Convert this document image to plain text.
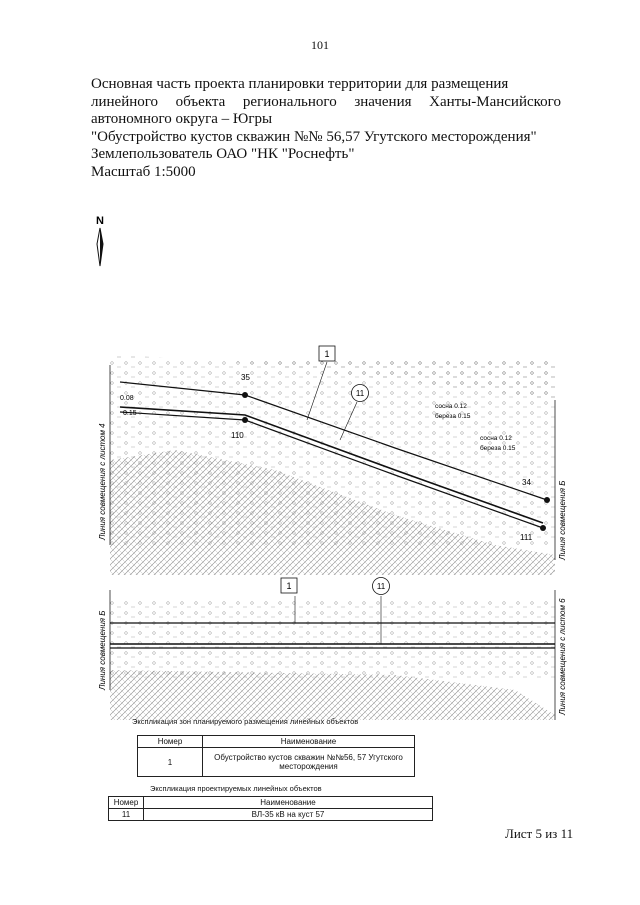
101
Основная часть проекта планировки территории для размещения
линейного объекта регионального значения Ханты-Мансийского
автономного округа – Югры
"Обустройство кустов скважин №№ 56,57 Угутского месторождения"
Землепользователь ОАО "НК "Роснефть"
Масштаб 1:5000
N
1
11
35
110
34
111
0.08
0.15
сосна 0.12
береза 0.15
сосна 0.12
береза 0.15
Линия совмещения с листом 4	Линия совмещения Б
1	11
Линия совмещения Б	Линия совмещения с листом 6
Экспликация зон планируемого размещения линейных объектов
Номер	Наименование
1	Обустройство кустов скважин №№56, 57 Угутского месторождения
Экспликация проектируемых линейных объектов
Номер	Наименование
11	ВЛ-35 кВ на куст 57
Лист 5 из 11
